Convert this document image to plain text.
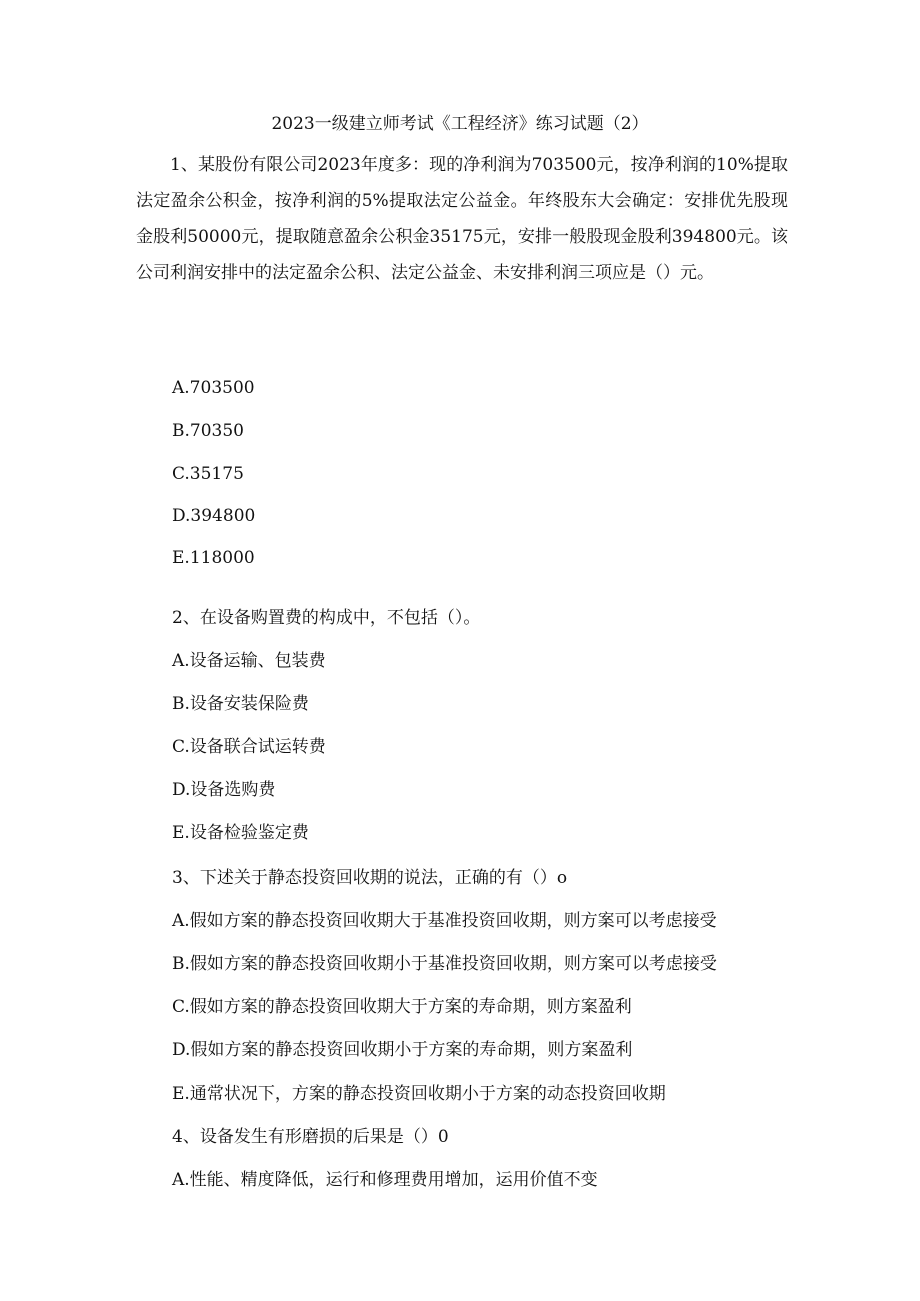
2023一级建立师考试《工程经济》练习试题（2）
1、某股份有限公司2023年度多：现的净利润为703500元，按净利润的10%提取法定盈余公积金，按净利润的5%提取法定公益金。年终股东大会确定：安排优先股现金股利50000元，提取随意盈余公积金35175元，安排一般股现金股利394800元。该公司利润安排中的法定盈余公积、法定公益金、未安排利润三项应是（）元。
A.703500
B.70350
C.35175
D.394800
E.118000
2、在设备购置费的构成中，不包括（）。
A.设备运输、包装费
B.设备安装保险费
C.设备联合试运转费
D.设备选购费
E.设备检验鉴定费
3、下述关于静态投资回收期的说法，正确的有（）o
A.假如方案的静态投资回收期大于基准投资回收期，则方案可以考虑接受
B.假如方案的静态投资回收期小于基准投资回收期，则方案可以考虑接受
C.假如方案的静态投资回收期大于方案的寿命期，则方案盈利
D.假如方案的静态投资回收期小于方案的寿命期，则方案盈利
E.通常状况下，方案的静态投资回收期小于方案的动态投资回收期
4、设备发生有形磨损的后果是（）0
A.性能、精度降低，运行和修理费用增加，运用价值不变
